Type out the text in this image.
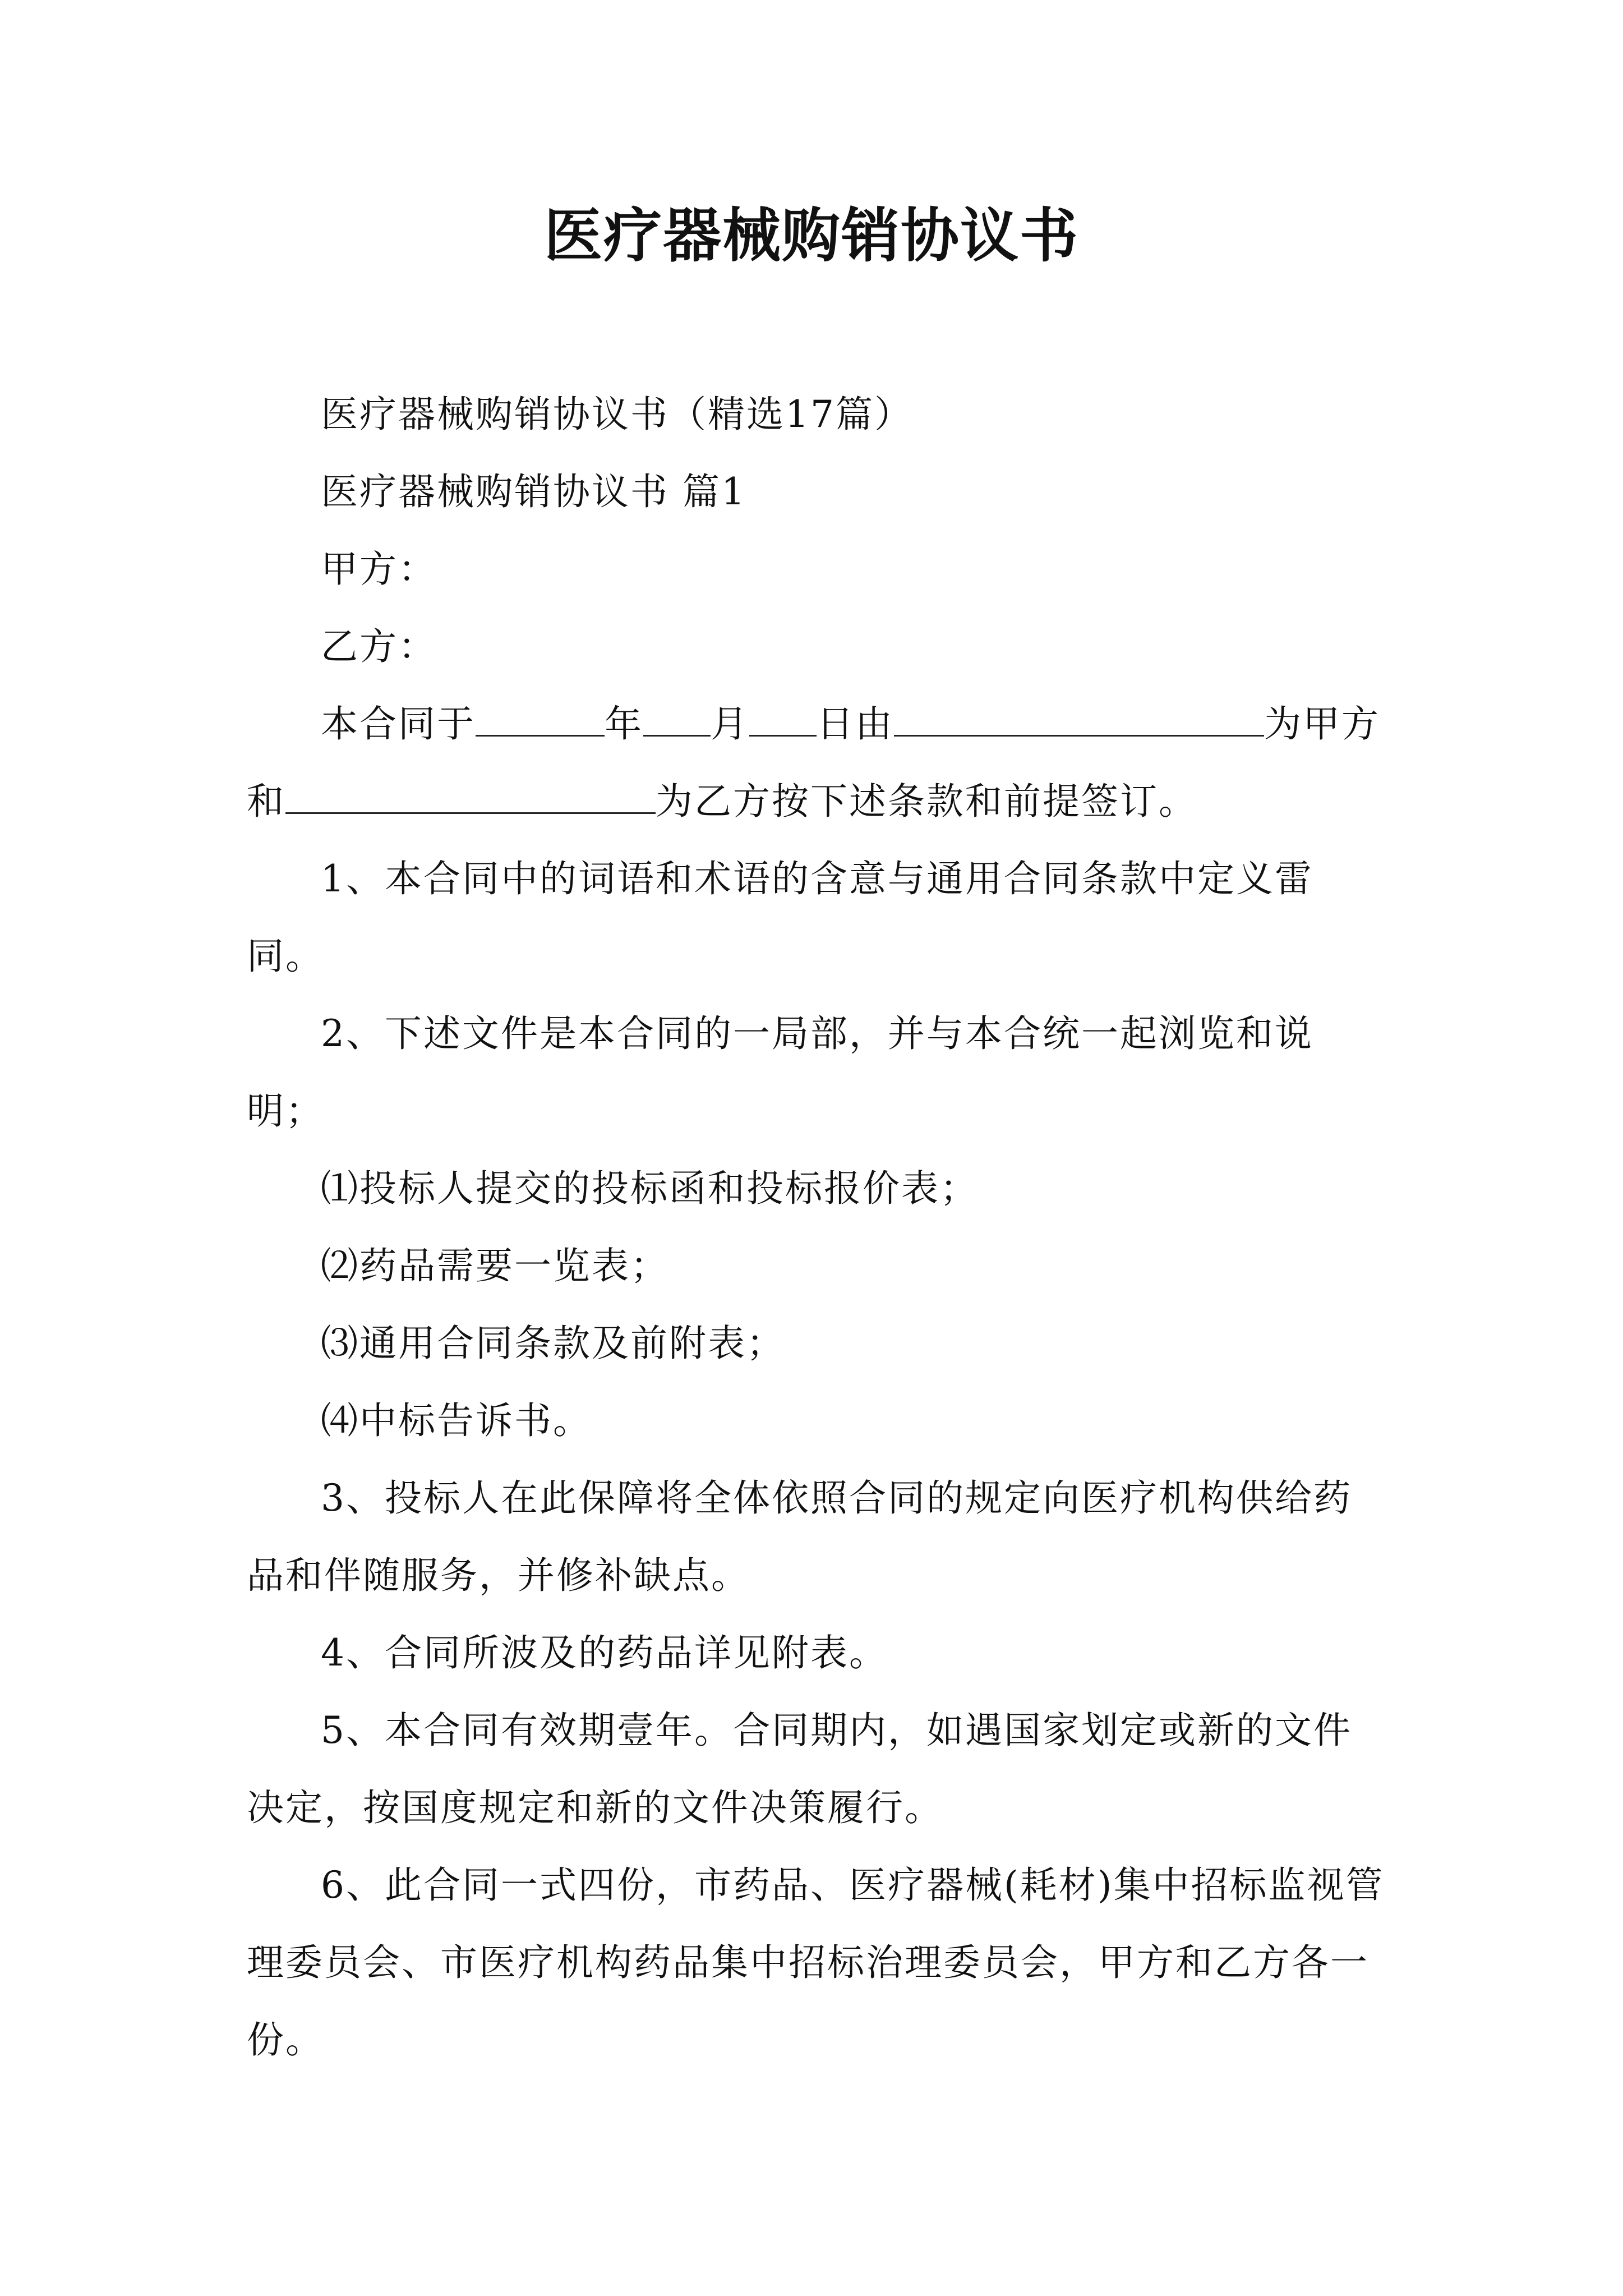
医疗器械购销协议书

医疗器械购销协议书（精选17篇）

医疗器械购销协议书 篇1

甲方：

乙方：

本合同于	年 月 日由	为甲方和	为乙方按下述条款和前提签订。

1、本合同中的词语和术语的含意与通用合同条款中定义雷同。

2、下述文件是本合同的一局部，并与本合统一起浏览和说明；

⑴投标人提交的投标函和投标报价表；

⑵药品需要一览表；

⑶通用合同条款及前附表；

⑷中标告诉书。

3、投标人在此保障将全体依照合同的规定向医疗机构供给药品和伴随服务，并修补缺点。

4、合同所波及的药品详见附表。

5、本合同有效期壹年。合同期内，如遇国家划定或新的文件决定，按国度规定和新的文件决策履行。

6、此合同一式四份，市药品、医疗器械(耗材)集中招标监视管理委员会、市医疗机构药品集中招标治理委员会，甲方和乙方各一份。
